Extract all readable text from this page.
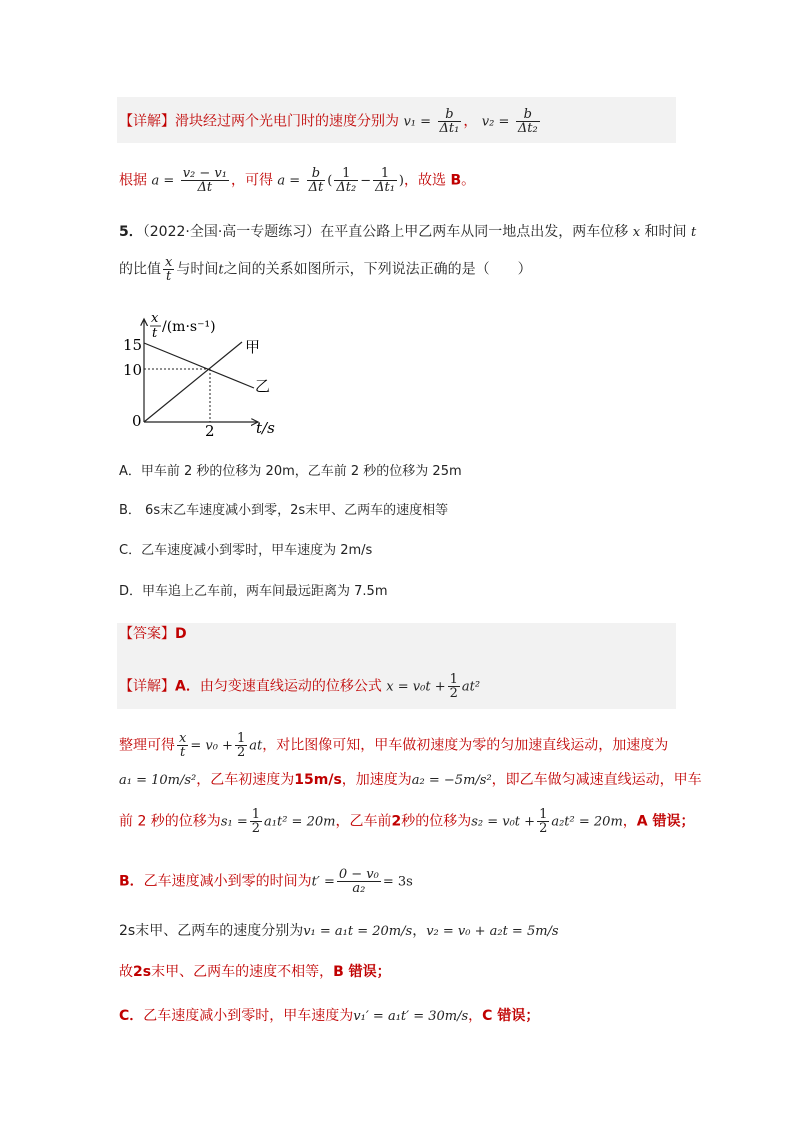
【详解】滑块经过两个光电门时的速度分别为 $v_1 = \frac{b}{\text{Δt₁}}$ ， $v_2 = \frac{b}{\text{Δt₂}}$
根据 $a = \frac{\text{v₂ − v₁}}{\Delta t}$ ，可得 $a = \frac{b}{\Delta t}$ ( $\frac{1}{\text{Δt₂}} - \frac{1}{\text{Δt₁}}$ )，故选 B。
5．（2022·全国·高一专题练习）在平直公路上甲乙两车从同一地点出发，两车位移 x 和时间 t
的比值 $\frac{x}{t}$ 与时间t之间的关系如图所示，下列说法正确的是（　　）
x
t /(m·s⁻¹)
15
10
0
2	t/s
甲
乙
A．甲车前 2 秒的位移为 20m，乙车前 2 秒的位移为 25m
B． 6s末乙车速度减小到零，2s末甲、乙两车的速度相等
C．乙车速度减小到零时，甲车速度为 2m/s
D．甲车追上乙车前，两车间最远距离为 7.5m
【答案】D
【详解】A．由匀变速直线运动的位移公式 $x = v_0t + \frac{1}{2} at^2$
整理可得 $\frac{x}{t} = v_0 + \frac{1}{2}$ at，对比图像可知，甲车做初速度为零的匀加速直线运动，加速度为
a₁ = 10m/s²，乙车初速度为15m/s，加速度为a₂ = −5m/s²，即乙车做匀减速直线运动，甲车
前 2 秒的位移为$s_1 = \frac{1}{2} a_1t^2 = 20m$，乙车前2秒的位移为$s_2 = v_0t + \frac{1}{2} a_2t^2 = 20m$，A 错误；
B．乙车速度减小到零的时间为$t' = \frac{\text{0 − v₀}}{\text{a₂}} = 3s$
2s末甲、乙两车的速度分别为v₁ = a₁t = 20m/s，v₂ = v₀ + a₂t = 5m/s
故2s末甲、乙两车的速度不相等，B 错误；
C．乙车速度减小到零时，甲车速度为v₁′ = a₁t′ = 30m/s，C 错误；
